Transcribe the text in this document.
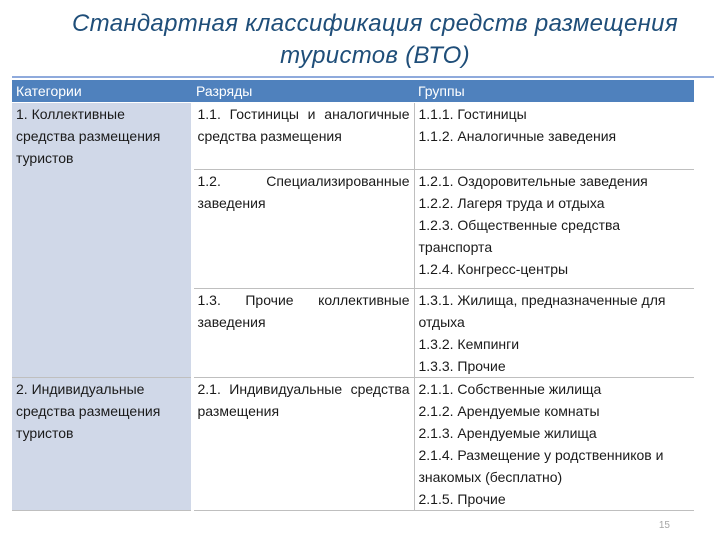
Стандартная классификация средств размещения туристов (ВТО)
Категории	Разряды	Группы
1. Коллективные средства размещения туристов	1.1. Гостиницы и аналогичные средства размещения	1.1.1. Гостиницы
1.1.2. Аналогичные заведения

	1.2. Специализированные заведения	1.2.1. Оздоровительные заведения
1.2.2. Лагеря труда и отдыха
1.2.3. Общественные средства транспорта
1.2.4. Конгресс-центры

	1.3. Прочие коллективные заведения	1.3.1. Жилища, предназначенные для отдыха
1.3.2. Кемпинги
1.3.3. Прочие

2. Индивидуальные средства размещения туристов	2.1. Индивидуальные средства размещения	2.1.1. Собственные жилища
2.1.2. Арендуемые комнаты
2.1.3. Арендуемые жилища
2.1.4. Размещение у родственников и знакомых (бесплатно)
2.1.5. Прочие
15
